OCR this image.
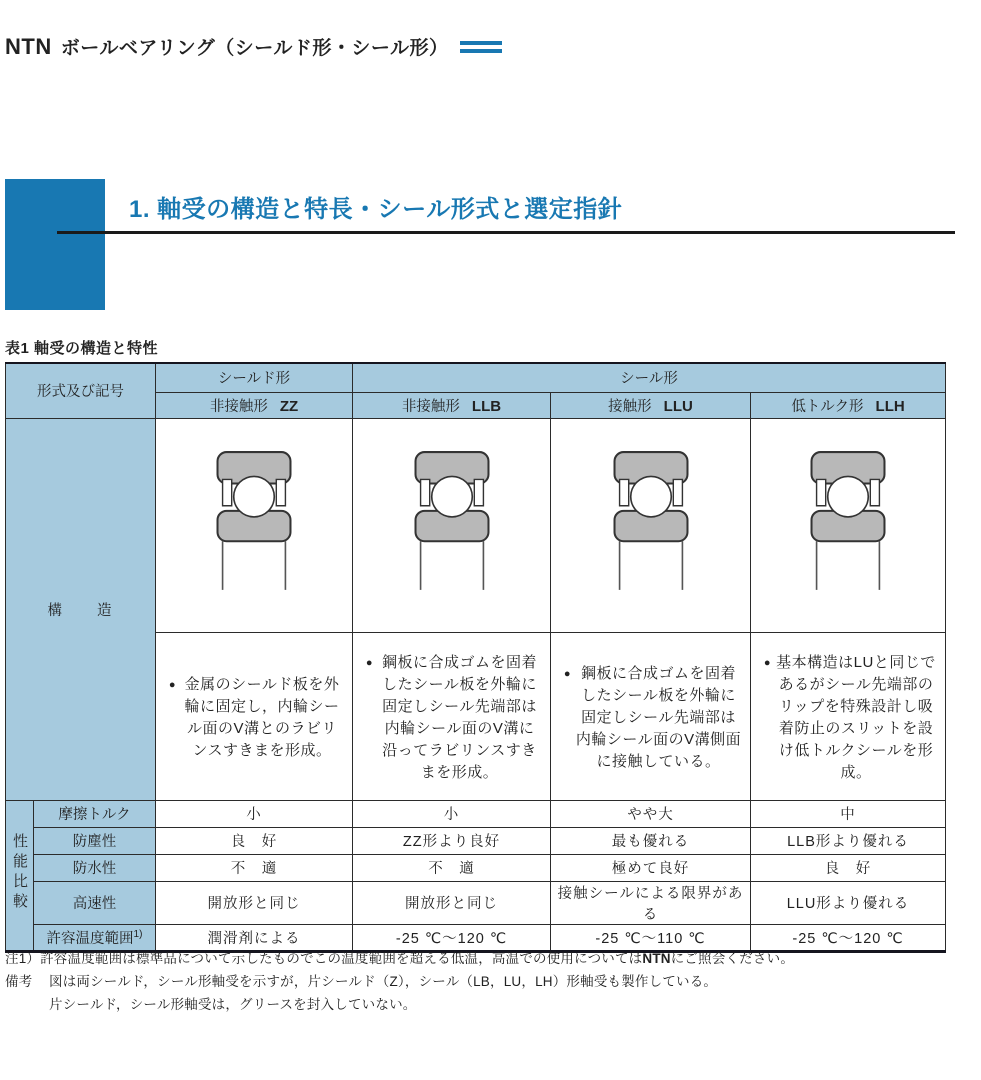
NTN ボールベアリング（シールド形・シール形）
1. 軸受の構造と特長・シール形式と選定指針
表1 軸受の構造と特性
形式及び記号		シールド形	シール形		
		非接触形 ZZ	非接触形 LLB	接触形 LLU	低トルク形 LLH
構　　造				

		● 金属のシールド板を外輪に固定し，内輪シール面のV溝とのラビリンスすきまを形成。	● 鋼板に合成ゴムを固着したシール板を外輪に固定しシール先端部は内輪シール面のV溝に沿ってラビリンスすきまを形成。	● 鋼板に合成ゴムを固着したシール板を外輪に固定しシール先端部は内輪シール面のV溝側面に接触している。	● 基本構造はLUと同じであるがシール先端部のリップを特殊設計し吸着防止のスリットを設け低トルクシールを形成。

性能比較	摩擦トルク	小	小	やや大	中
	防塵性	良　好	ZZ形より良好	最も優れる	LLB形より優れる
	防水性	不　適	不　適	極めて良好	良　好
	高速性	開放形と同じ	開放形と同じ	接触シールによる限界がある	LLU形より優れる
	許容温度範囲$^{1)}$	潤滑剤による	-25 ℃〜120 ℃	-25 ℃〜110 ℃	-25 ℃〜120 ℃
注1）許容温度範囲は標準品について示したものでこの温度範囲を超える低温，高温での使用についてはNTNにご照会ください。
備考	図は両シールド，シール形軸受を示すが，片シールド（Z），シール（LB，LU，LH）形軸受も製作している。
片シールド，シール形軸受は，グリースを封入していない。
